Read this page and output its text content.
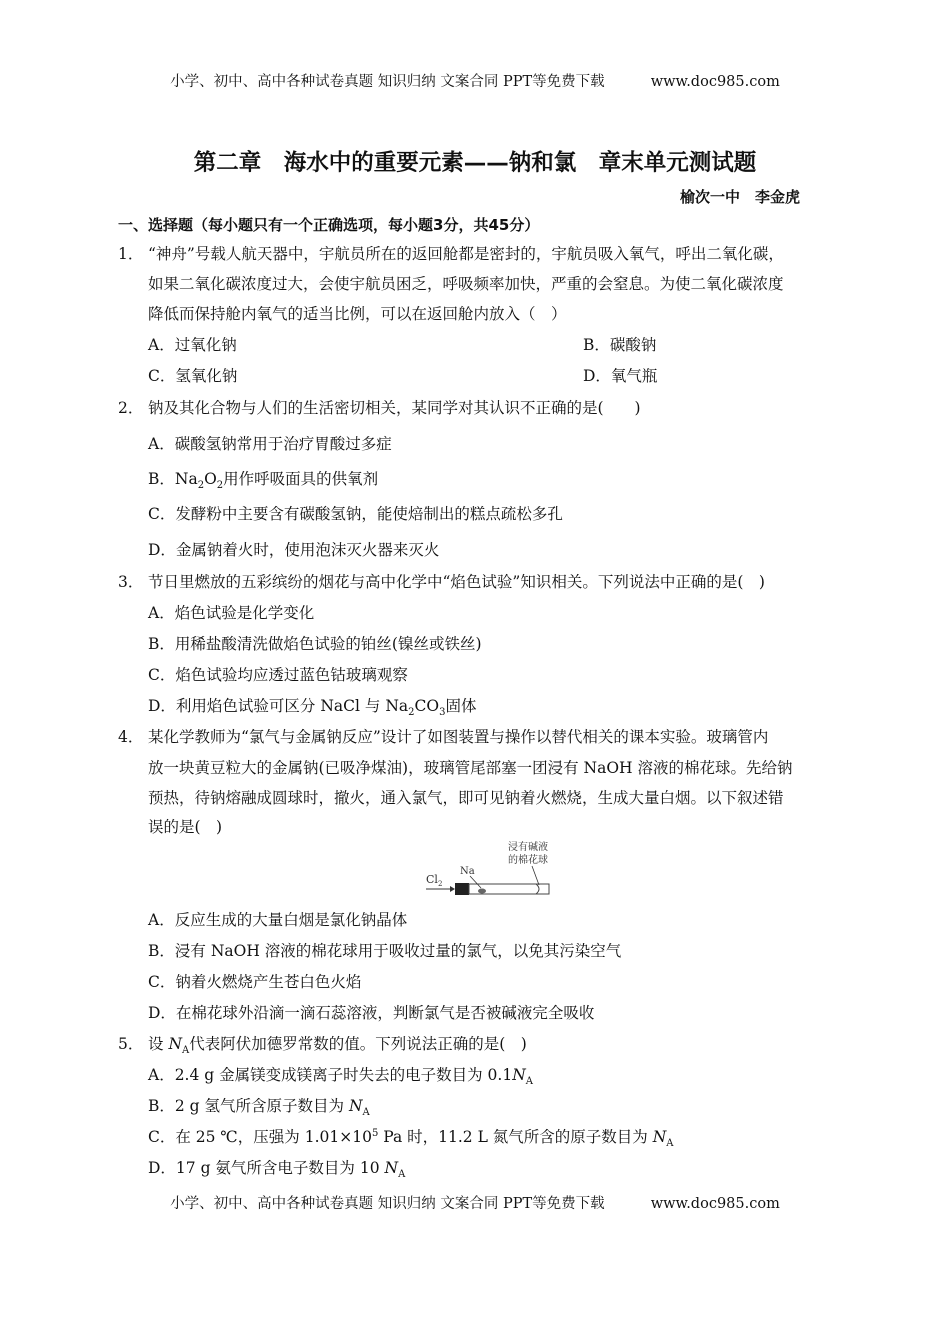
小学、初中、高中各种试卷真题 知识归纳 文案合同 PPT等免费下载	www.doc985.com
第二章　海水中的重要元素——钠和氯　章末单元测试题
榆次一中　李金虎
一、选择题（每小题只有一个正确选项，每小题3分，共45分）
1． “神舟”号载人航天器中，宇航员所在的返回舱都是密封的，宇航员吸入氧气，呼出二氧化碳，
如果二氧化碳浓度过大，会使宇航员困乏，呼吸频率加快，严重的会窒息。为使二氧化碳浓度
降低而保持舱内氧气的适当比例，可以在返回舱内放入（　）
A．过氧化钠	B．碳酸钠
C．氢氧化钠	D．氧气瓶
2． 钠及其化合物与人们的生活密切相关，某同学对其认识不正确的是(　　)
A．碳酸氢钠常用于治疗胃酸过多症
B．$Na_2O_2$用作呼吸面具的供氧剂
C．发酵粉中主要含有碳酸氢钠，能使焙制出的糕点疏松多孔
D．金属钠着火时，使用泡沫灭火器来灭火
3． 节日里燃放的五彩缤纷的烟花与高中化学中“焰色试验”知识相关。下列说法中正确的是(　)
A．焰色试验是化学变化
B．用稀盐酸清洗做焰色试验的铂丝(镍丝或铁丝)
C．焰色试验均应透过蓝色钴玻璃观察
D．利用焰色试验可区分 NaCl 与 $Na_2CO_3$固体
4． 某化学教师为“氯气与金属钠反应”设计了如图装置与操作以替代相关的课本实验。玻璃管内
放一块黄豆粒大的金属钠(已吸净煤油)，玻璃管尾部塞一团浸有 NaOH 溶液的棉花球。先给钠
预热，待钠熔融成圆球时，撤火，通入氯气，即可见钠着火燃烧，生成大量白烟。以下叙述错
误的是(　)
$Cl_2$
Na
浸有碱液
的棉花球
A．反应生成的大量白烟是氯化钠晶体
B．浸有 NaOH 溶液的棉花球用于吸收过量的氯气，以免其污染空气
C．钠着火燃烧产生苍白色火焰
D．在棉花球外沿滴一滴石蕊溶液，判断氯气是否被碱液完全吸收
5． 设 $N_A$代表阿伏加德罗常数的值。下列说法正确的是(　)
A．2.4 g 金属镁变成镁离子时失去的电子数目为 $0.1N_A$
B．2 g 氢气所含原子数目为 $N_A$
C．在 25 ℃，压强为 $1.01\times 10^5$ Pa 时，11.2 L 氮气所含的原子数目为 $N_A$
D．17 g 氨气所含电子数目为 10 $N_A$
小学、初中、高中各种试卷真题 知识归纳 文案合同 PPT等免费下载	www.doc985.com
